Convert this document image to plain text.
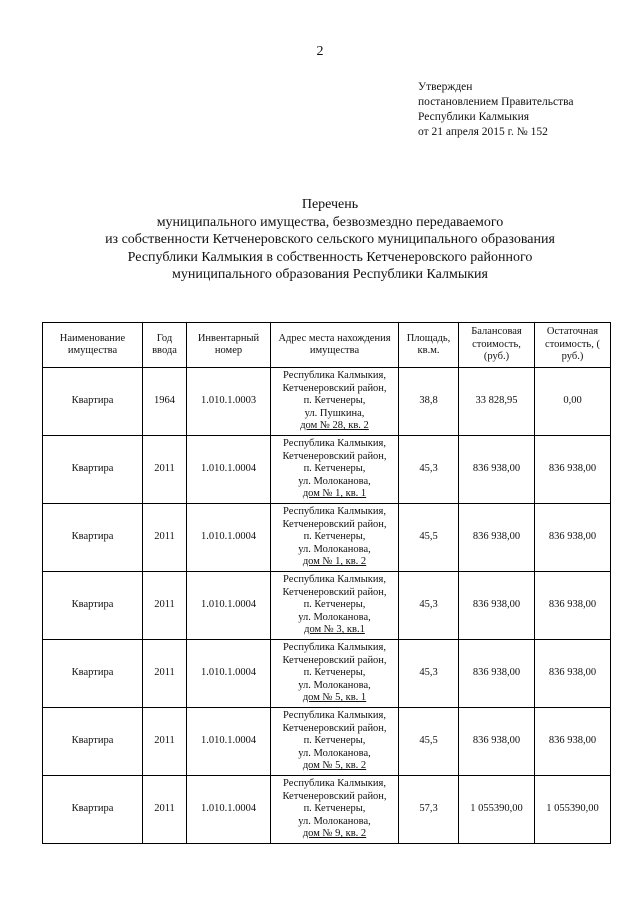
2
Утвержден
постановлением Правительства
Республики Калмыкия
от 21 апреля 2015 г. № 152
Перечень
муниципального имущества, безвозмездно передаваемого
из собственности Кетченеровского сельского муниципального образования
Республики Калмыкия в собственность Кетченеровского районного
муниципального образования Республики Калмыкия
Наименование имущества	Год ввода	Инвентарный номер	Адрес места нахождения имущества	Площадь, кв.м.	Балансовая стоимость, (руб.)	Остаточная стоимость, ( руб.)
Квартира	1964	1.010.1.0003	Республика Калмыкия,
Кетченеровский район,
п. Кетченеры,
ул. Пушкина,
дом № 28, кв. 2	38,8	33 828,95	0,00
Квартира	2011	1.010.1.0004	Республика Калмыкия,
Кетченеровский район,
п. Кетченеры,
ул. Молоканова,
дом № 1, кв. 1	45,3	836 938,00	836 938,00
Квартира	2011	1.010.1.0004	Республика Калмыкия,
Кетченеровский район,
п. Кетченеры,
ул. Молоканова,
дом № 1, кв. 2	45,5	836 938,00	836 938,00
Квартира	2011	1.010.1.0004	Республика Калмыкия,
Кетченеровский район,
п. Кетченеры,
ул. Молоканова,
дом № 3, кв.1	45,3	836 938,00	836 938,00
Квартира	2011	1.010.1.0004	Республика Калмыкия,
Кетченеровский район,
п. Кетченеры,
ул. Молоканова,
дом № 5, кв. 1	45,3	836 938,00	836 938,00
Квартира	2011	1.010.1.0004	Республика Калмыкия,
Кетченеровский район,
п. Кетченеры,
ул. Молоканова,
дом № 5, кв. 2	45,5	836 938,00	836 938,00
Квартира	2011	1.010.1.0004	Республика Калмыкия,
Кетченеровский район,
п. Кетченеры,
ул. Молоканова,
дом № 9, кв. 2	57,3	1 055390,00	1 055390,00
